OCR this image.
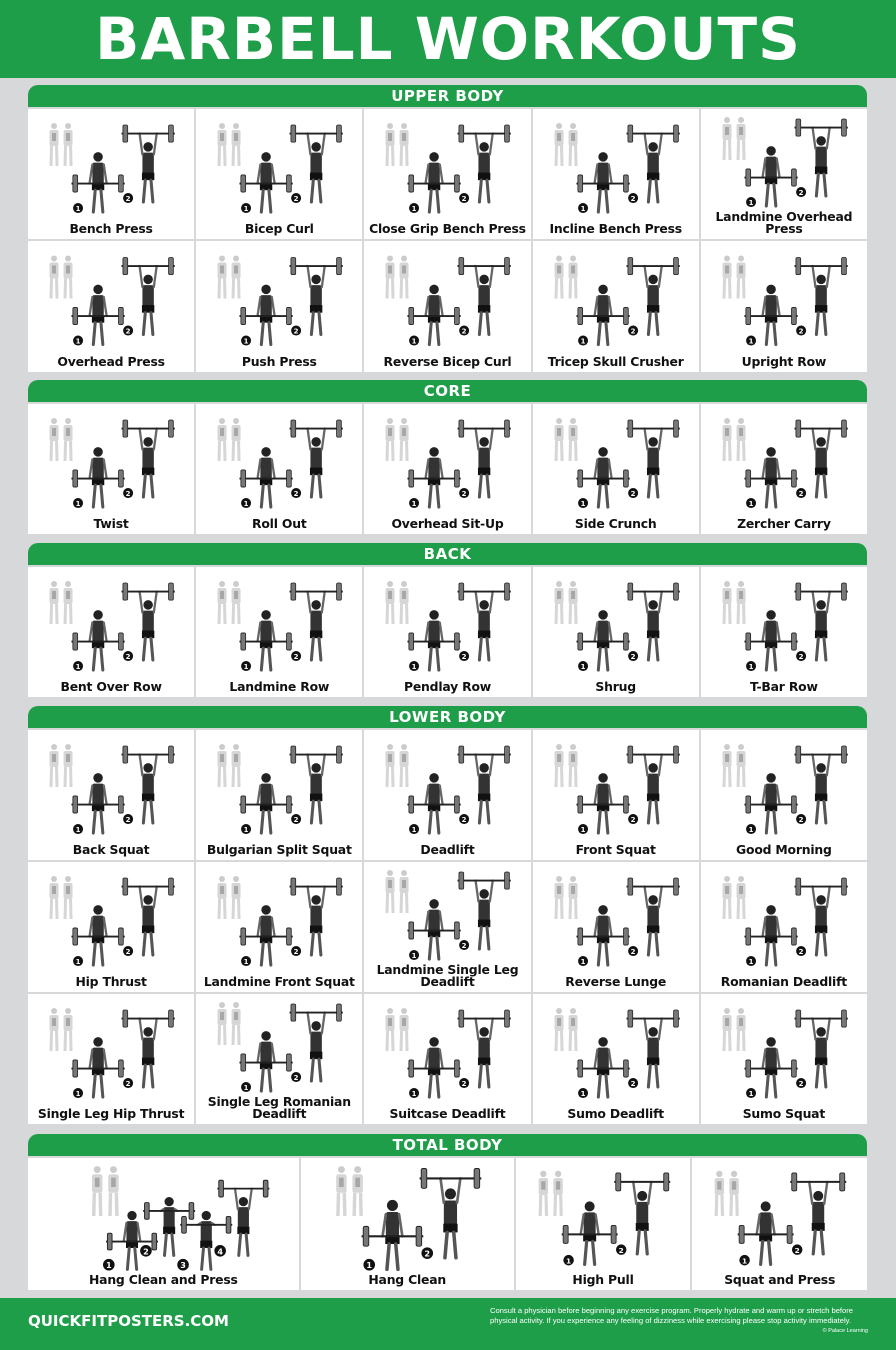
BARBELL WORKOUTS
UPPER BODY
1
2
Bench Press
1
2
Bicep Curl
1
2
Close Grip Bench Press
1
2
Incline Bench Press
1
2
Landmine Overhead Press
1
2
Overhead Press
1
2
Push Press
1
2
Reverse Bicep Curl
1
2
Tricep Skull Crusher
1
2
Upright Row
CORE
1
2
Twist
1
2
Roll Out
1
2
Overhead Sit-Up
1
2
Side Crunch
1
2
Zercher Carry
BACK
1
2
Bent Over Row
1
2
Landmine Row
1
2
Pendlay Row
1
2
Shrug
1
2
T-Bar Row
LOWER BODY
1
2
Back Squat
1
2
Bulgarian Split Squat
1
2
Deadlift
1
2
Front Squat
1
2
Good Morning
1
2
Hip Thrust
1
2
Landmine Front Squat
1
2
Landmine Single Leg Deadlift
1
2
Reverse Lunge
1
2
Romanian Deadlift
1
2
Single Leg Hip Thrust
1
2
Single Leg Romanian Deadlift
1
2
Suitcase Deadlift
1
2
Sumo Deadlift
1
2
Sumo Squat
TOTAL BODY
1
2
3
4
Hang Clean and Press
1
2
Hang Clean
1
2
High Pull
1
2
Squat and Press
QUICKFITPOSTERS.COM
Consult a physician before beginning any exercise program. Properly hydrate and warm up or stretch before physical activity. If you experience any feeling of dizziness while exercising please stop activity immediately.
© Palace Learning
